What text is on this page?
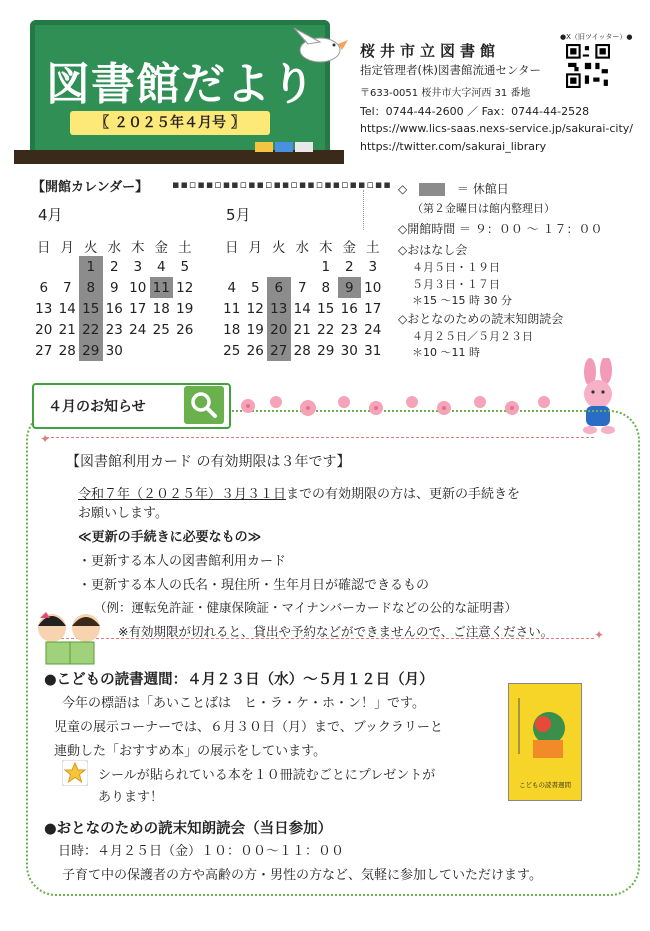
図書館だより
〖 ２０２５年４月号 〗
桜井市立図書館
指定管理者(株)図書館流通センター
〒633-0051 桜井市大字河西 31 番地
Tel：0744-44-2600 ／ Fax：0744-44-2528
https://www.lics-saas.nexs-service.jp/sakurai-city/
https://twitter.com/sakurai_library
●X（旧ツイッター）●
【開館カレンダー】 ▪▪▫▪▪▫▪▪▫▪▪▫▪▪▫▪▪▫▪▪▫▪▪▫▪▪
4月	5月
日	月	火	水	木	金	土
		1	2	3	4	5
6	7	8	9	10	11	12
13	14	15	16	17	18	19
20	21	22	23	24	25	26
27	28	29	30			
日	月	火	水	木	金	土
				1	2	3
4	5	6	7	8	9	10
11	12	13	14	15	16	17
18	19	20	21	22	23	24
25	26	27	28	29	30	31
◇	＝ 休館日
（第２金曜日は館内整理日）
◇開館時間 ＝ ９：００ ～ １７：００
◇おはなし会
４月５日・１９日
５月３日・１７日
＊15 ～15 時 30 分
◇おとなのための読末知朗読会
４月２５日／５月２３日
＊10 ～11 時
４月のお知らせ
✦
✦
【図書館利用カード の有効期限は３年です】
令和７年（２０２５年）３月３１日までの有効期限の方は、更新の手続きを
お願いします。
≪更新の手続きに必要なもの≫
・更新する本人の図書館利用カード
・更新する本人の氏名・現住所・生年月日が確認できるもの
（例：運転免許証・健康保険証・マイナンバーカードなどの公的な証明書）
※有効期限が切れると、貸出や予約などができませんので、ご注意ください。
●こどもの読書週間：４月２３日（水）～５月１２日（月）
今年の標語は「あいことばは　ヒ・ラ・ケ・ホ・ン！」です。
児童の展示コーナーでは、６月３０日（月）まで、ブックラリーと
連動した「おすすめ本」の展示をしています。
シールが貼られている本を１０冊読むごとにプレゼントが
あります！
こどもの読書週間
●おとなのための読末知朗読会（当日参加）
日時：４月２５日（金）１０：００～１１：００
子育て中の保護者の方や高齢の方・男性の方など、気軽に参加していただけます。
